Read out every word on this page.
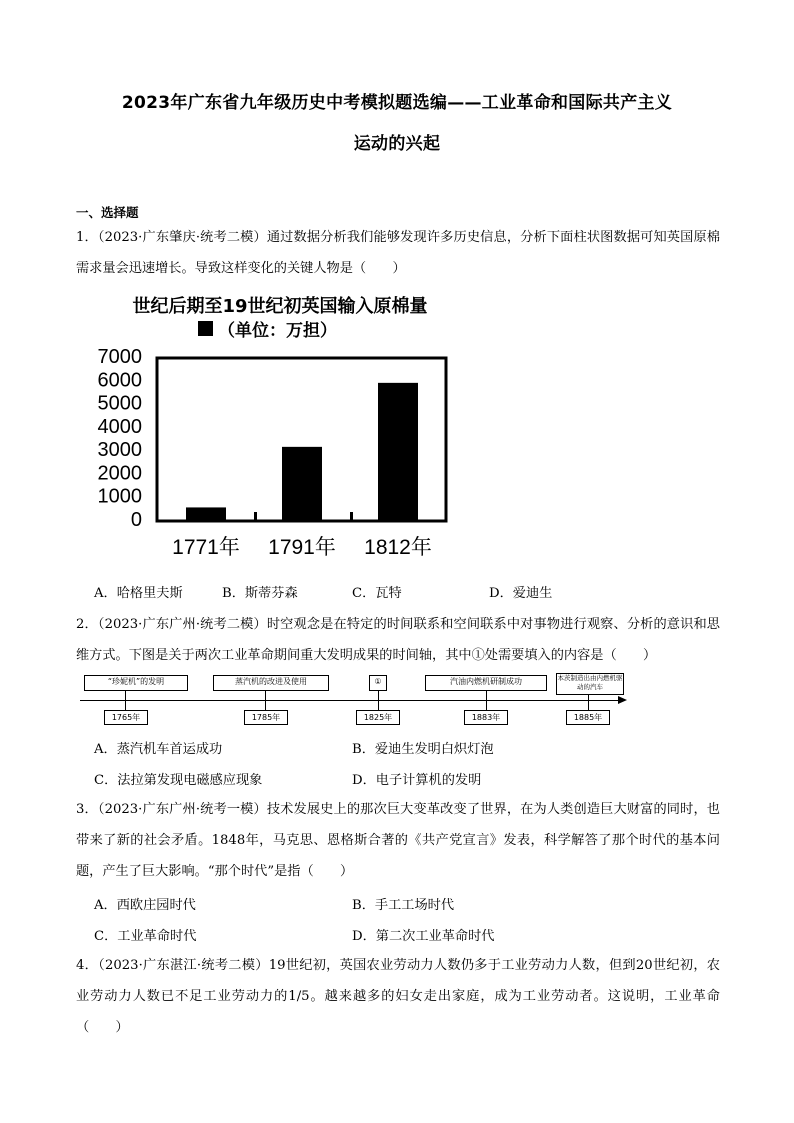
2023年广东省九年级历史中考模拟题选编——工业革命和国际共产主义
运动的兴起
一、选择题
1．（2023·广东肇庆·统考二模）通过数据分析我们能够发现许多历史信息，分析下面柱状图数据可知英国原棉需求量会迅速增长。导致这样变化的关键人物是（　　）
世纪后期至19世纪初英国输入原棉量
（单位：万担）
7000
6000
5000
4000
3000
2000
1000
0
1771年 1791年 1812年
A．哈格里夫斯	B．斯蒂芬森	C．瓦特	D．爱迪生
2．（2023·广东广州·统考二模）时空观念是在特定的时间联系和空间联系中对事物进行观察、分析的意识和思维方式。下图是关于两次工业革命期间重大发明成果的时间轴，其中①处需要填入的内容是（　　）
“珍妮机”的发明	蒸汽机的改进及使用	①	汽油内燃机研制成功	本茨制造出由内燃机驱动的汽车
1765年	1785年	1825年	1883年	1885年
A．蒸汽机车首运成功	B．爱迪生发明白炽灯泡
C．法拉第发现电磁感应现象	D．电子计算机的发明
3．（2023·广东广州·统考一模）技术发展史上的那次巨大变革改变了世界，在为人类创造巨大财富的同时，也带来了新的社会矛盾。1848年，马克思、恩格斯合著的《共产党宣言》发表，科学解答了那个时代的基本问题，产生了巨大影响。“那个时代”是指（　　）
A．西欧庄园时代	B．手工工场时代
C．工业革命时代	D．第二次工业革命时代
4．（2023·广东湛江·统考二模）19世纪初，英国农业劳动力人数仍多于工业劳动力人数，但到20世纪初，农业劳动力人数已不足工业劳动力的1/5。越来越多的妇女走出家庭，成为工业劳动者。这说明，工业革命（　　）
